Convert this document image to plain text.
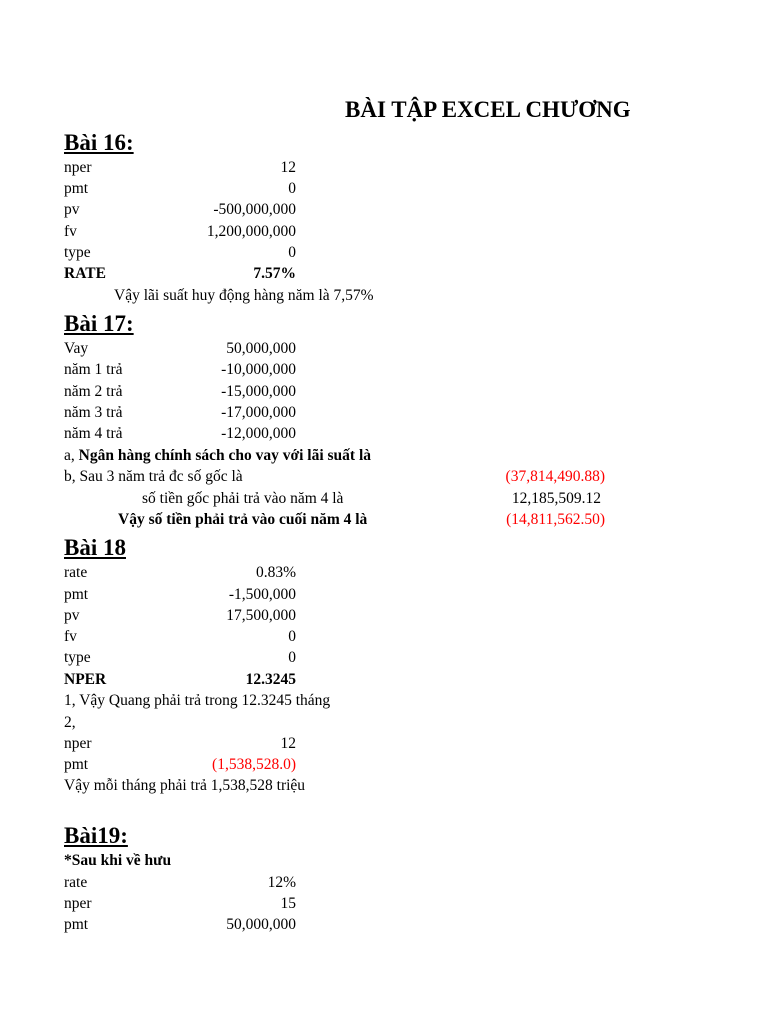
BÀI TẬP EXCEL CHƯƠNG
Bài 16:
nper	12
pmt	0
pv	-500,000,000
fv	1,200,000,000
type	0
RATE	7.57%
Vậy lãi suất huy động hàng năm là 7,57%
Bài 17:
Vay	50,000,000
năm 1 trả	-10,000,000
năm 2 trả	-15,000,000
năm 3 trả	-17,000,000
năm 4 trả	-12,000,000
a, Ngân hàng chính sách cho vay với lãi suất là
b, Sau 3 năm trả đc số gốc là	(37,814,490.88)
số tiền gốc phải trả vào năm 4 là	12,185,509.12
Vậy số tiền phải trả vào cuối năm 4 là	(14,811,562.50)
Bài 18
rate	0.83%
pmt	-1,500,000
pv	17,500,000
fv	0
type	0
NPER	12.3245
1, Vậy Quang phải trả trong 12.3245 tháng
2,
nper	12
pmt	(1,538,528.0)
Vậy mỗi tháng phải trả 1,538,528 triệu
Bài19:
*Sau khi về hưu
rate	12%
nper	15
pmt	50,000,000
